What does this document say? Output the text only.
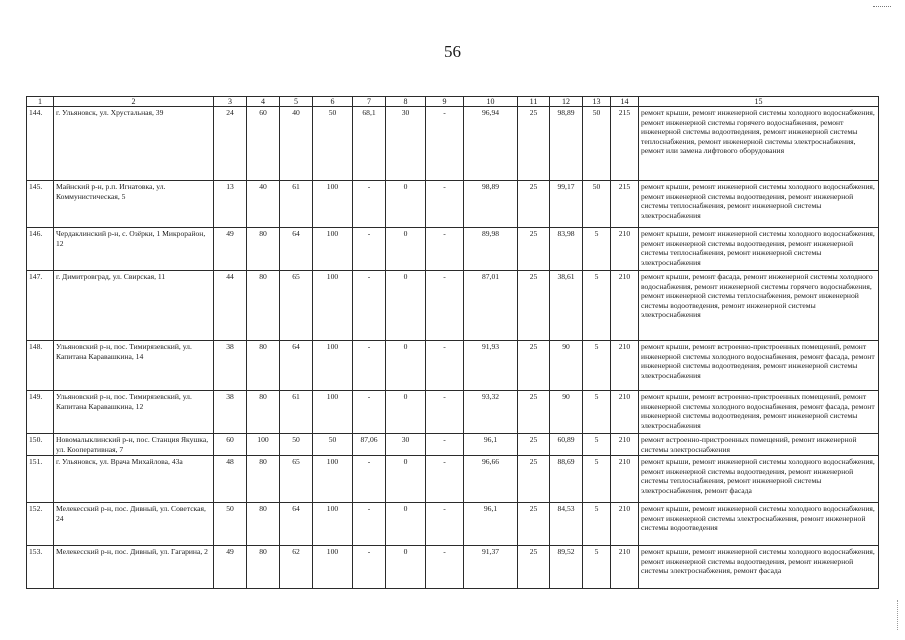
56
1	2	3	4	5	6	7	8	9	10	11	12	13	14	15
144.	г. Ульяновск, ул. Хрустальная, 39	24	60	40	50	68,1	30	-	96,94	25	98,89	50	215	ремонт крыши, ремонт инженерной системы холодного водоснабжения, ремонт инженерной системы горячего водоснабжения, ремонт инженерной системы водоотведения, ремонт инженерной системы теплоснабжения, ремонт инженерной системы электроснабжения, ремонт или замена лифтового оборудования
145.	Майнский р-н, р.п. Игнатовка, ул. Коммунистическая, 5	13	40	61	100	-	0	-	98,89	25	99,17	50	215	ремонт крыши, ремонт инженерной системы холодного водоснабжения, ремонт инженерной системы водоотведения, ремонт инженерной системы теплоснабжения, ремонт инженерной системы электроснабжения
146.	Чердаклинский р-н, с. Озёрки, 1 Микрорайон, 12	49	80	64	100	-	0	-	89,98	25	83,98	5	210	ремонт крыши, ремонт инженерной системы холодного водоснабжения, ремонт инженерной системы водоотведения, ремонт инженерной системы теплоснабжения, ремонт инженерной системы электроснабжения
147.	г. Димитровград, ул. Свирская, 11	44	80	65	100	-	0	-	87,01	25	38,61	5	210	ремонт крыши, ремонт фасада, ремонт инженерной системы холодного водоснабжения, ремонт инженерной системы горячего водоснабжения, ремонт инженерной системы теплоснабжения, ремонт инженерной системы водоотведения, ремонт инженерной системы электроснабжения
148.	Ульяновский р-н, пос. Тимирязевский, ул. Капитана Каравашкина, 14	38	80	64	100	-	0	-	91,93	25	90	5	210	ремонт крыши, ремонт встроенно-пристроенных помещений, ремонт инженерной системы холодного водоснабжения, ремонт фасада, ремонт инженерной системы водоотведения, ремонт инженерной системы электроснабжения
149.	Ульяновский р-н, пос. Тимирязевский, ул. Капитана Каравашкина, 12	38	80	61	100	-	0	-	93,32	25	90	5	210	ремонт крыши, ремонт встроенно-пристроенных помещений, ремонт инженерной системы холодного водоснабжения, ремонт фасада, ремонт инженерной системы водоотведения, ремонт инженерной системы электроснабжения
150.	Новомалыклинский р-н, пос. Станция Якушка, ул. Кооперативная, 7	60	100	50	50	87,06	30	-	96,1	25	60,89	5	210	ремонт встроенно-пристроенных помещений, ремонт инженерной системы электроснабжения
151.	г. Ульяновск, ул. Врача Михайлова, 43а	48	80	65	100	-	0	-	96,66	25	88,69	5	210	ремонт крыши, ремонт инженерной системы холодного водоснабжения, ремонт инженерной системы водоотведения, ремонт инженерной системы теплоснабжения, ремонт инженерной системы электроснабжения, ремонт фасада
152.	Мелекесский р-н, пос. Дивный, ул. Советская, 24	50	80	64	100	-	0	-	96,1	25	84,53	5	210	ремонт крыши, ремонт инженерной системы холодного водоснабжения, ремонт инженерной системы электроснабжения, ремонт инженерной системы водоотведения
153.	Мелекесский р-н, пос. Дивный, ул. Гагарина, 2	49	80	62	100	-	0	-	91,37	25	89,52	5	210	ремонт крыши, ремонт инженерной системы холодного водоснабжения, ремонт инженерной системы водоотведения, ремонт инженерной системы электроснабжения, ремонт фасада
